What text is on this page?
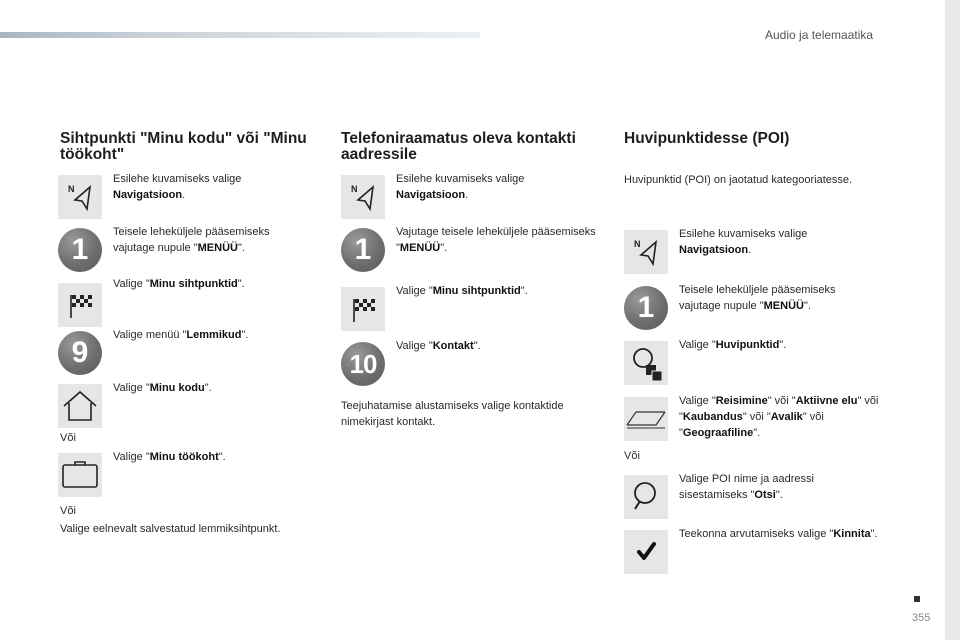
Audio ja telemaatika
Sihtpunkti "Minu kodu" või "Minu töökoht"
N
Esilehe kuvamiseks valige Navigatsioon.
1
Teisele leheküljele pääsemiseks vajutage nupule "MENÜÜ".
Valige "Minu sihtpunktid".
9
Valige menüü "Lemmikud".
Valige "Minu kodu".
Või
Valige "Minu töökoht".
Või
Valige eelnevalt salvestatud lemmiksihtpunkt.
Telefoniraamatus oleva kontakti aadressile
N
Esilehe kuvamiseks valige Navigatsioon.
1
Vajutage teisele leheküljele pääsemiseks "MENÜÜ".
Valige "Minu sihtpunktid".
10
Valige "Kontakt".
Teejuhatamise alustamiseks valige kontaktide nimekirjast kontakt.
Huvipunktidesse (POI)
Huvipunktid (POI) on jaotatud kategooriatesse.
N
Esilehe kuvamiseks valige Navigatsioon.
1
Teisele leheküljele pääsemiseks vajutage nupule "MENÜÜ".
Valige "Huvipunktid".
Valige "Reisimine" või "Aktiivne elu" või "Kaubandus" või "Avalik" või "Geograafiline".
Või
Valige POI nime ja aadressi sisestamiseks "Otsi".
Teekonna arvutamiseks valige "Kinnita".
355
